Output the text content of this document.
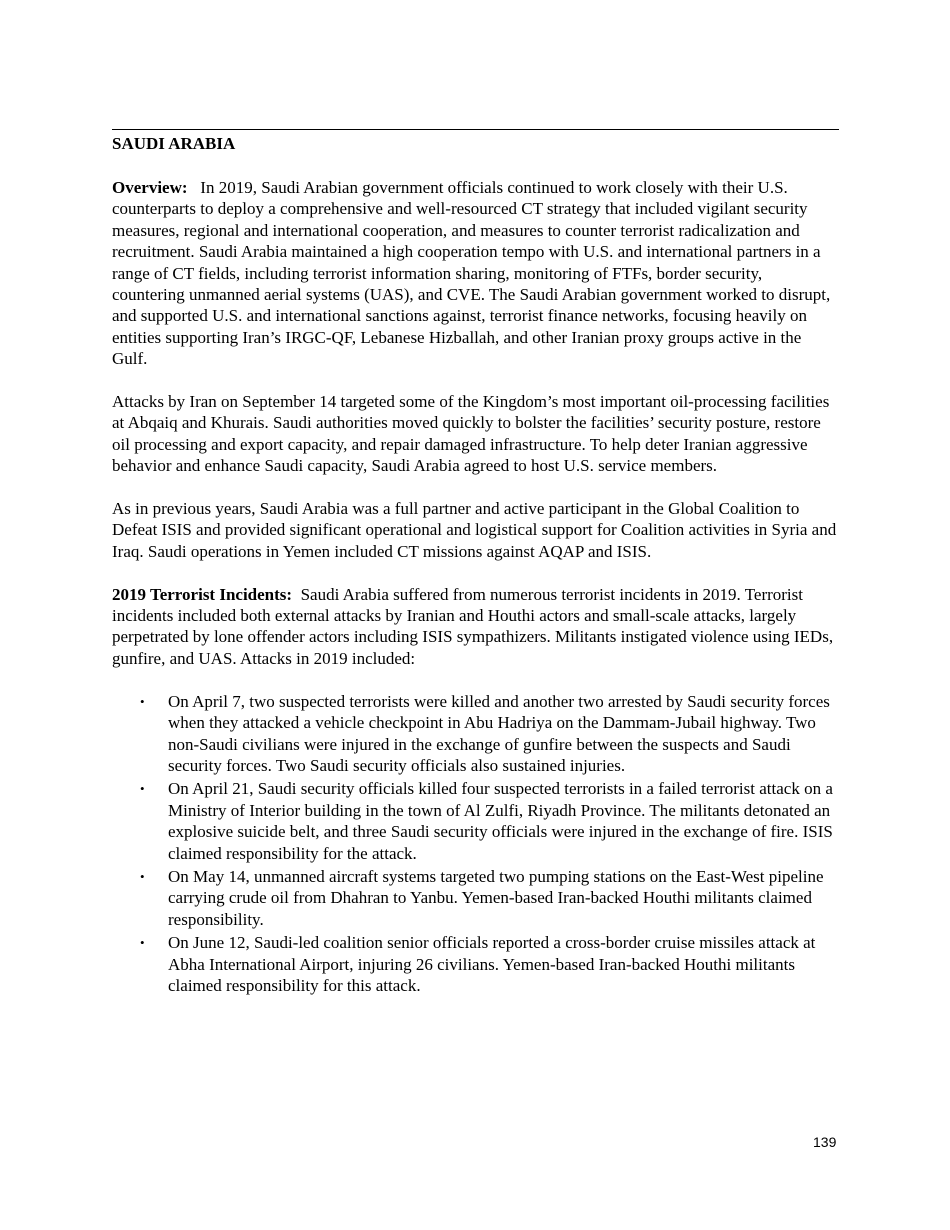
SAUDI ARABIA

Overview: In 2019, Saudi Arabian government officials continued to work closely with their U.S. counterparts to deploy a comprehensive and well-resourced CT strategy that included vigilant security measures, regional and international cooperation, and measures to counter terrorist radicalization and recruitment. Saudi Arabia maintained a high cooperation tempo with U.S. and international partners in a range of CT fields, including terrorist information sharing, monitoring of FTFs, border security, countering unmanned aerial systems (UAS), and CVE. The Saudi Arabian government worked to disrupt, and supported U.S. and international sanctions against, terrorist finance networks, focusing heavily on entities supporting Iran’s IRGC-QF, Lebanese Hizballah, and other Iranian proxy groups active in the Gulf.

Attacks by Iran on September 14 targeted some of the Kingdom’s most important oil-processing facilities at Abqaiq and Khurais. Saudi authorities moved quickly to bolster the facilities’ security posture, restore oil processing and export capacity, and repair damaged infrastructure. To help deter Iranian aggressive behavior and enhance Saudi capacity, Saudi Arabia agreed to host U.S. service members.

As in previous years, Saudi Arabia was a full partner and active participant in the Global Coalition to Defeat ISIS and provided significant operational and logistical support for Coalition activities in Syria and Iraq. Saudi operations in Yemen included CT missions against AQAP and ISIS.

2019 Terrorist Incidents: Saudi Arabia suffered from numerous terrorist incidents in 2019. Terrorist incidents included both external attacks by Iranian and Houthi actors and small-scale attacks, largely perpetrated by lone offender actors including ISIS sympathizers. Militants instigated violence using IEDs, gunfire, and UAS. Attacks in 2019 included:

• On April 7, two suspected terrorists were killed and another two arrested by Saudi security forces when they attacked a vehicle checkpoint in Abu Hadriya on the Dammam-Jubail highway. Two non-Saudi civilians were injured in the exchange of gunfire between the suspects and Saudi security forces. Two Saudi security officials also sustained injuries.
• On April 21, Saudi security officials killed four suspected terrorists in a failed terrorist attack on a Ministry of Interior building in the town of Al Zulfi, Riyadh Province. The militants detonated an explosive suicide belt, and three Saudi security officials were injured in the exchange of fire. ISIS claimed responsibility for the attack.
• On May 14, unmanned aircraft systems targeted two pumping stations on the East-West pipeline carrying crude oil from Dhahran to Yanbu. Yemen-based Iran-backed Houthi militants claimed responsibility.
• On June 12, Saudi-led coalition senior officials reported a cross-border cruise missiles attack at Abha International Airport, injuring 26 civilians. Yemen-based Iran-backed Houthi militants claimed responsibility for this attack.
139
